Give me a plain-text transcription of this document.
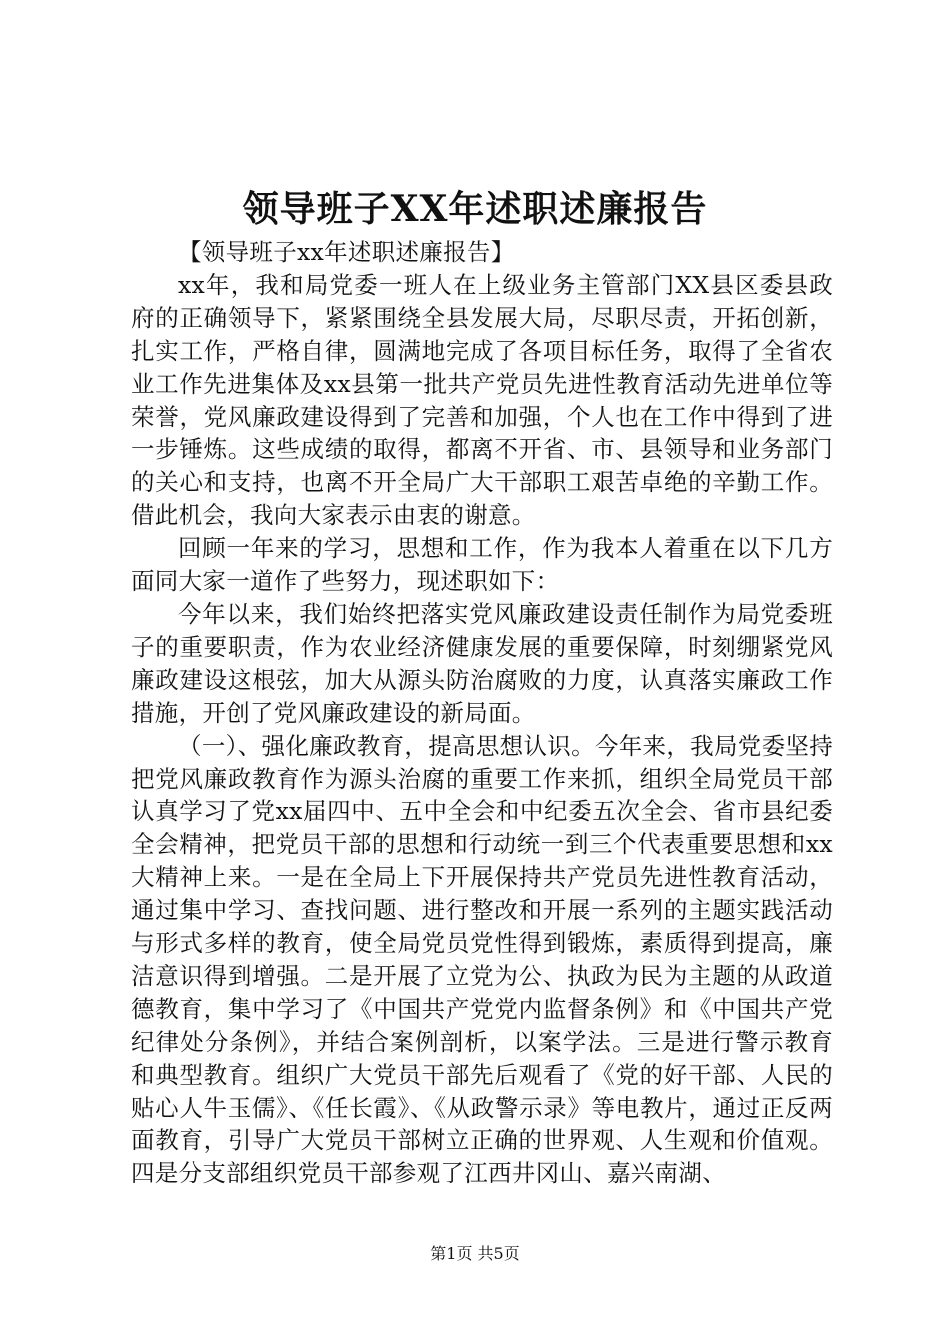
领导班子XX年述职述廉报告

【领导班子xx年述职述廉报告】

xx年，我和局党委一班人在上级业务主管部门XX县区委县政府的正确领导下，紧紧围绕全县发展大局，尽职尽责，开拓创新，扎实工作，严格自律，圆满地完成了各项目标任务，取得了全省农业工作先进集体及xx县第一批共产党员先进性教育活动先进单位等荣誉，党风廉政建设得到了完善和加强，个人也在工作中得到了进一步锤炼。这些成绩的取得，都离不开省、市、县领导和业务部门的关心和支持，也离不开全局广大干部职工艰苦卓绝的辛勤工作。借此机会，我向大家表示由衷的谢意。

回顾一年来的学习，思想和工作，作为我本人着重在以下几方面同大家一道作了些努力，现述职如下：

今年以来，我们始终把落实党风廉政建设责任制作为局党委班子的重要职责，作为农业经济健康发展的重要保障，时刻绷紧党风廉政建设这根弦，加大从源头防治腐败的力度，认真落实廉政工作措施，开创了党风廉政建设的新局面。

（一）、强化廉政教育，提高思想认识。今年来，我局党委坚持把党风廉政教育作为源头治腐的重要工作来抓，组织全局党员干部认真学习了党xx届四中、五中全会和中纪委五次全会、省市县纪委全会精神，把党员干部的思想和行动统一到三个代表重要思想和xx大精神上来。一是在全局上下开展保持共产党员先进性教育活动，通过集中学习、查找问题、进行整改和开展一系列的主题实践活动与形式多样的教育，使全局党员党性得到锻炼，素质得到提高，廉洁意识得到增强。二是开展了立党为公、执政为民为主题的从政道德教育，集中学习了《中国共产党党内监督条例》和《中国共产党纪律处分条例》，并结合案例剖析，以案学法。三是进行警示教育和典型教育。组织广大党员干部先后观看了《党的好干部、人民的贴心人牛玉儒》、《任长霞》、《从政警示录》等电教片，通过正反两面教育，引导广大党员干部树立正确的世界观、人生观和价值观。四是分支部组织党员干部参观了江西井冈山、嘉兴南湖、

第1页 共5页
